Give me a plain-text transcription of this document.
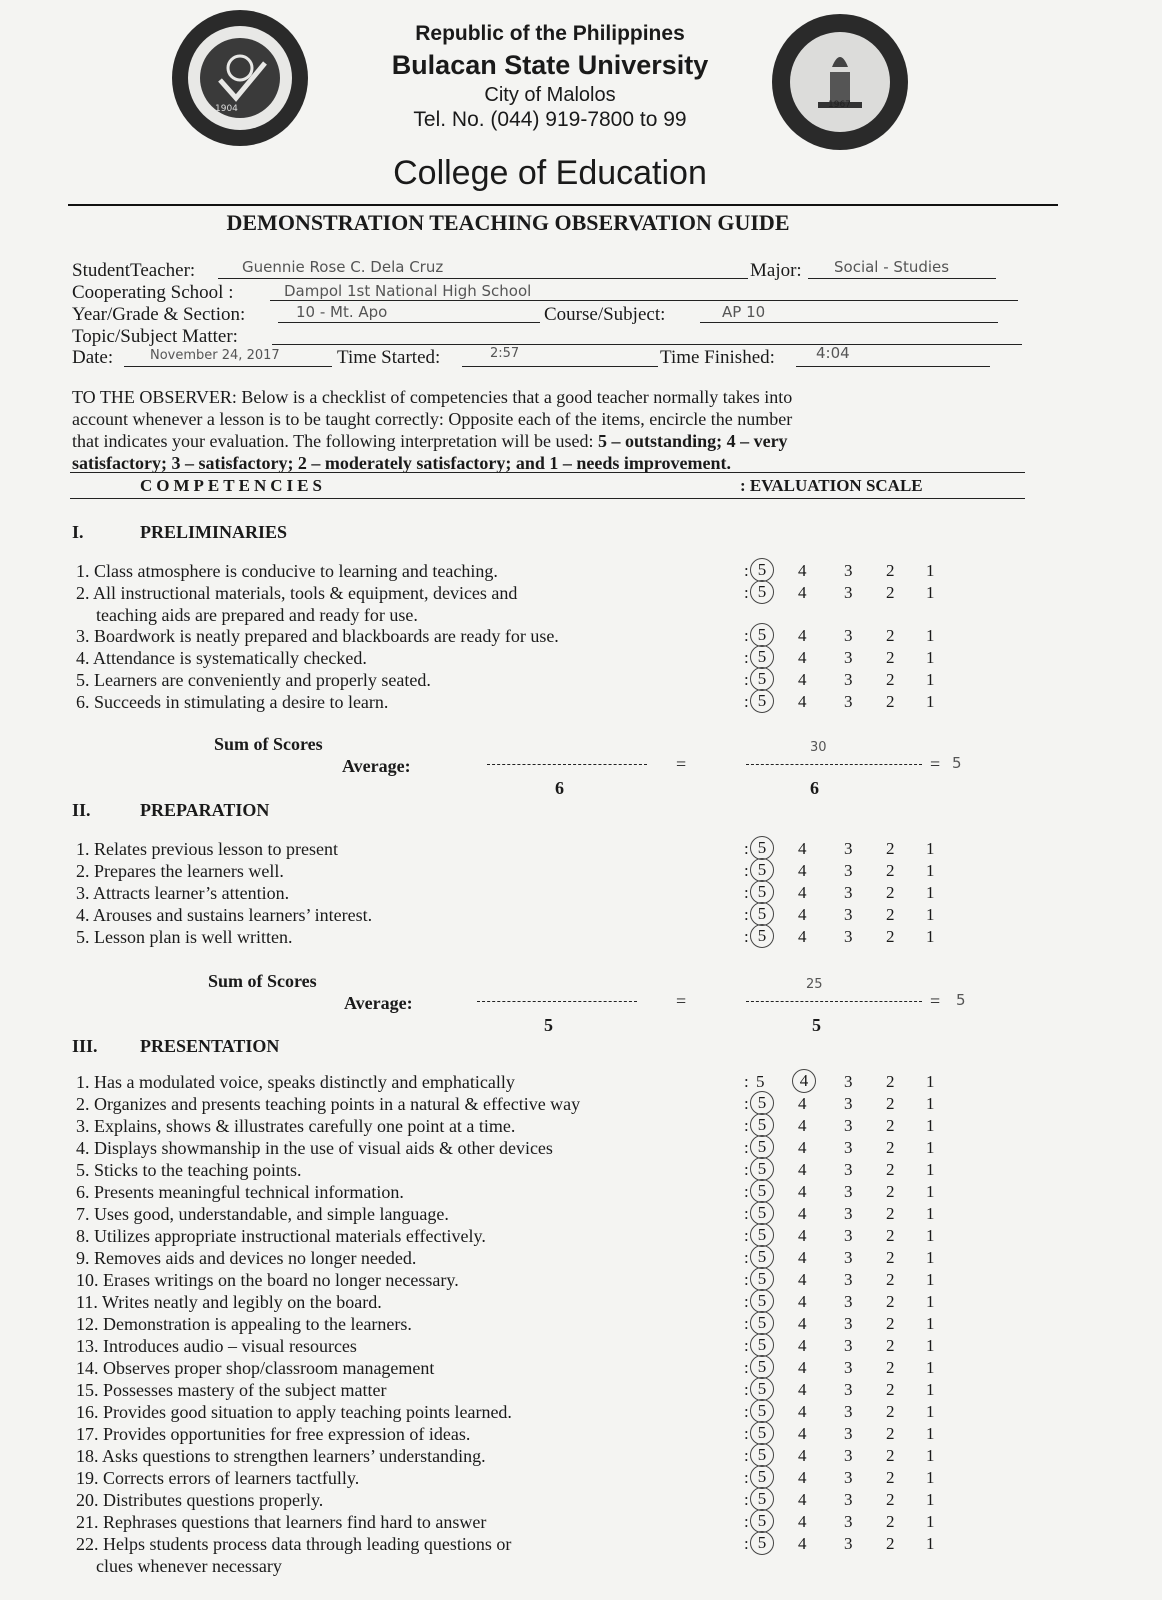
1904	1967
Republic of the Philippines
Bulacan State University
City of Malolos
Tel. No. (044) 919-7800 to 99
College of Education
DEMONSTRATION TEACHING OBSERVATION GUIDE
StudentTeacher:	Guennie Rose C. Dela Cruz	Major: Social - Studies
Cooperating School :	Dampol 1st National High School
Year/Grade & Section:	10 - Mt. Apo	Course/Subject:	AP 10
Topic/Subject Matter:
Date:	November 24, 2017	Time Started:	2:57	Time Finished:	4:04
TO THE OBSERVER: Below is a checklist of competencies that a good teacher normally takes into
account whenever a lesson is to be taught correctly: Opposite each of the items, encircle the number
that indicates your evaluation. The following interpretation will be used: 5 – outstanding; 4 – very
satisfactory; 3 – satisfactory; 2 – moderately satisfactory; and 1 – needs improvement.
COMPETENCIES	: EVALUATION SCALE
I.	PRELIMINARIES
1. Class atmosphere is conducive to learning and teaching.	: 5	4 3 2 1
2. All instructional materials, tools & equipment, devices and
teaching aids are prepared and ready for use.
: 5	4 3 2 1
3. Boardwork is neatly prepared and blackboards are ready for use.	: 5	4 3 2 1
4. Attendance is systematically checked.	: 5	4 3 2 1
5. Learners are conveniently and properly seated.	: 5	4 3 2 1
6. Succeeds in stimulating a desire to learn.	: 5	4 3 2 1
Sum of Scores
Average:	=	=
6	6
30
5
II.	PREPARATION
1. Relates previous lesson to present	: 5	4 3 2 1
2. Prepares the learners well.	: 5	4 3 2 1
3. Attracts learner’s attention.	: 5	4 3 2 1
4. Arouses and sustains learners’ interest.	: 5	4 3 2 1
5. Lesson plan is well written.	: 5	4 3 2 1
Sum of Scores
Average:	=	=
5	5
25
5
III. PRESENTATION
1. Has a modulated voice, speaks distinctly and emphatically	: 5	4	3 2 1
2. Organizes and presents teaching points in a natural & effective way	: 5	4 3 2 1
3. Explains, shows & illustrates carefully one point at a time.	: 5	4 3 2 1
4. Displays showmanship in the use of visual aids & other devices	: 5	4 3 2 1
5. Sticks to the teaching points.	: 5	4 3 2 1
6. Presents meaningful technical information.	: 5	4 3 2 1
7. Uses good, understandable, and simple language.	: 5	4 3 2 1
8. Utilizes appropriate instructional materials effectively.	: 5	4 3 2 1
9. Removes aids and devices no longer needed.	: 5	4 3 2 1
10. Erases writings on the board no longer necessary.	: 5	4 3 2 1
11. Writes neatly and legibly on the board.	: 5	4 3 2 1
12. Demonstration is appealing to the learners.	: 5	4 3 2 1
13. Introduces audio – visual resources	: 5	4 3 2 1
14. Observes proper shop/classroom management	: 5	4 3 2 1
15. Possesses mastery of the subject matter	: 5	4 3 2 1
16. Provides good situation to apply teaching points learned.	: 5	4 3 2 1
17. Provides opportunities for free expression of ideas.	: 5	4 3 2 1
18. Asks questions to strengthen learners’ understanding.	: 5	4 3 2 1
19. Corrects errors of learners tactfully.	: 5	4 3 2 1
20. Distributes questions properly.	: 5	4 3 2 1
21. Rephrases questions that learners find hard to answer	: 5	4 3 2 1
22. Helps students process data through leading questions or
clues whenever necessary
: 5	4 3 2 1
